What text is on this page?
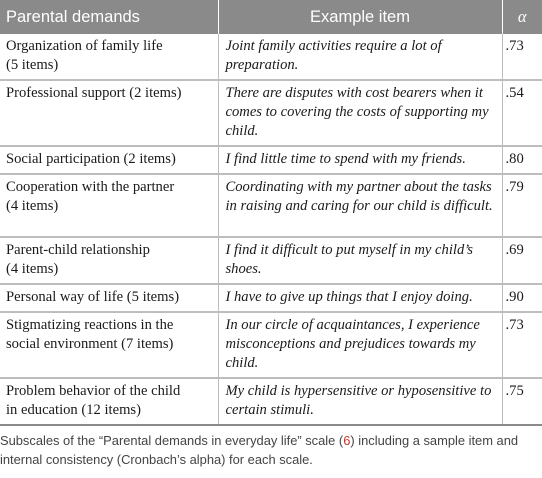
Parental demands	Example item	α
Organization of family life
(5 items)	Joint family activities require a lot of preparation.	.73
Professional support (2 items)	There are disputes with cost bearers when it comes to covering the costs of supporting my child.	.54
Social participation (2 items)	I find little time to spend with my friends.	.80
Cooperation with the partner
(4 items)	Coordinating with my partner about the tasks in raising and caring for our child is difficult.	.79
Parent-child relationship
(4 items)	I find it difficult to put myself in my child’s shoes.	.69
Personal way of life (5 items)	I have to give up things that I enjoy doing.	.90
Stigmatizing reactions in the
social environment (7 items)	In our circle of acquaintances, I experience misconceptions and prejudices towards my child.	.73
Problem behavior of the child
in education (12 items)	My child is hypersensitive or hyposensitive to certain stimuli.	.75
Subscales of the “Parental demands in everyday life” scale (6) including a sample item and internal consistency (Cronbach’s alpha) for each scale.
